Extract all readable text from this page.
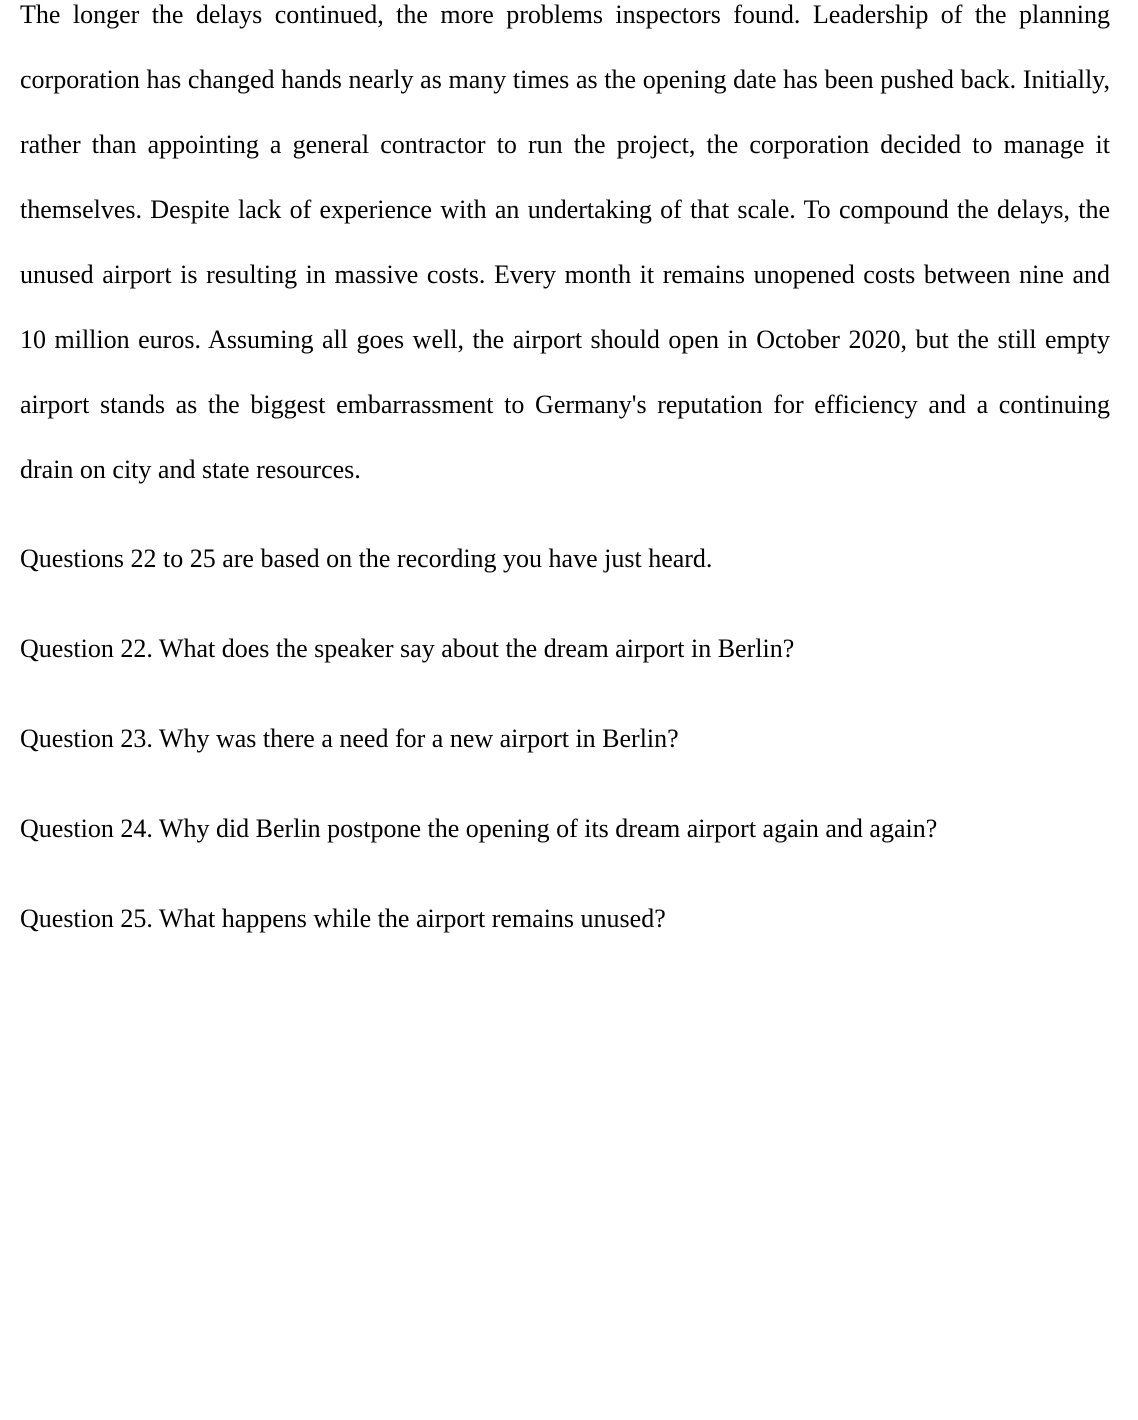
The longer the delays continued, the more problems inspectors found. Leadership of the planning corporation has changed hands nearly as many times as the opening date has been pushed back. Initially, rather than appointing a general contractor to run the project, the corporation decided to manage it themselves. Despite lack of experience with an undertaking of that scale. To compound the delays, the unused airport is resulting in massive costs. Every month it remains unopened costs between nine and 10 million euros. Assuming all goes well, the airport should open in October 2020, but the still empty airport stands as the biggest embarrassment to Germany's reputation for efficiency and a continuing drain on city and state resources.

Questions 22 to 25 are based on the recording you have just heard.

Question 22. What does the speaker say about the dream airport in Berlin?

Question 23. Why was there a need for a new airport in Berlin?

Question 24. Why did Berlin postpone the opening of its dream airport again and again?

Question 25. What happens while the airport remains unused?
